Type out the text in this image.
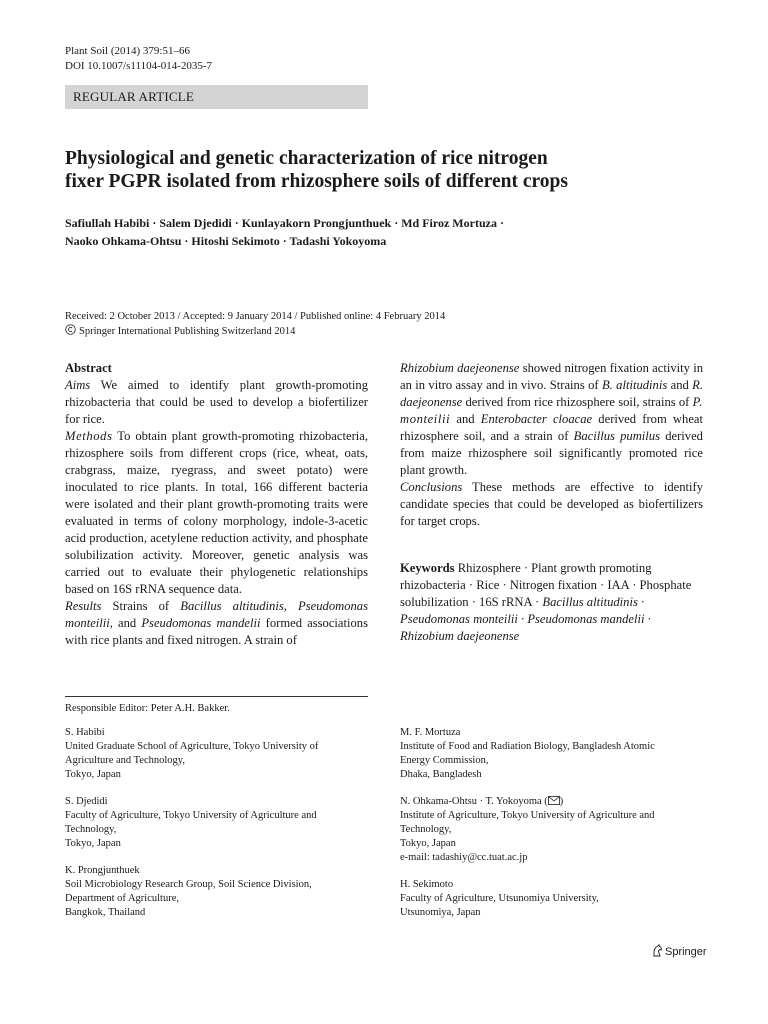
Plant Soil (2014) 379:51–66
DOI 10.1007/s11104-014-2035-7
REGULAR ARTICLE
Physiological and genetic characterization of rice nitrogen
fixer PGPR isolated from rhizosphere soils of different crops
Safiullah Habibi · Salem Djedidi · Kunlayakorn Prongjunthuek · Md Firoz Mortuza ·
Naoko Ohkama-Ohtsu · Hitoshi Sekimoto · Tadashi Yokoyoma
Received: 2 October 2013 / Accepted: 9 January 2014 / Published online: 4 February 2014
Springer International Publishing Switzerland 2014
Abstract

Aims We aimed to identify plant growth-promoting rhizobacteria that could be used to develop a biofertilizer for rice.

Methods To obtain plant growth-promoting rhizobacteria, rhizosphere soils from different crops (rice, wheat, oats, crabgrass, maize, ryegrass, and sweet potato) were inoculated to rice plants. In total, 166 different bacteria were isolated and their plant growth-promoting traits were evaluated in terms of colony morphology, indole-3-acetic acid production, acetylene reduction activity, and phosphate solubilization activity. Moreover, genetic analysis was carried out to evaluate their phylogenetic relationships based on 16S rRNA sequence data.

Results Strains of Bacillus altitudinis, Pseudomonas monteilii, and Pseudomonas mandelii formed associations with rice plants and fixed nitrogen. A strain of

Rhizobium daejeonense showed nitrogen fixation activity in an in vitro assay and in vivo. Strains of B. altitudinis and R. daejeonense derived from rice rhizosphere soil, strains of P. monteilii and Enterobacter cloacae derived from wheat rhizosphere soil, and a strain of Bacillus pumilus derived from maize rhizosphere soil significantly promoted rice plant growth.

Conclusions These methods are effective to identify candidate species that could be developed as biofertilizers for target crops.

Keywords Rhizosphere · Plant growth promoting rhizobacteria · Rice · Nitrogen fixation · IAA · Phosphate solubilization · 16S rRNA · Bacillus altitudinis · Pseudomonas monteilii · Pseudomonas mandelii · Rhizobium daejeonense
Responsible Editor: Peter A.H. Bakker.

S. Habibi
United Graduate School of Agriculture, Tokyo University of
Agriculture and Technology,
Tokyo, Japan

S. Djedidi
Faculty of Agriculture, Tokyo University of Agriculture and
Technology,
Tokyo, Japan

K. Prongjunthuek
Soil Microbiology Research Group, Soil Science Division,
Department of Agriculture,
Bangkok, Thailand

M. F. Mortuza
Institute of Food and Radiation Biology, Bangladesh Atomic
Energy Commission,
Dhaka, Bangladesh

N. Ohkama-Ohtsu · T. Yokoyoma ( )
Institute of Agriculture, Tokyo University of Agriculture and
Technology,
Tokyo, Japan
e-mail: tadashiy@cc.tuat.ac.jp

H. Sekimoto
Faculty of Agriculture, Utsunomiya University,
Utsunomiya, Japan

Springer
